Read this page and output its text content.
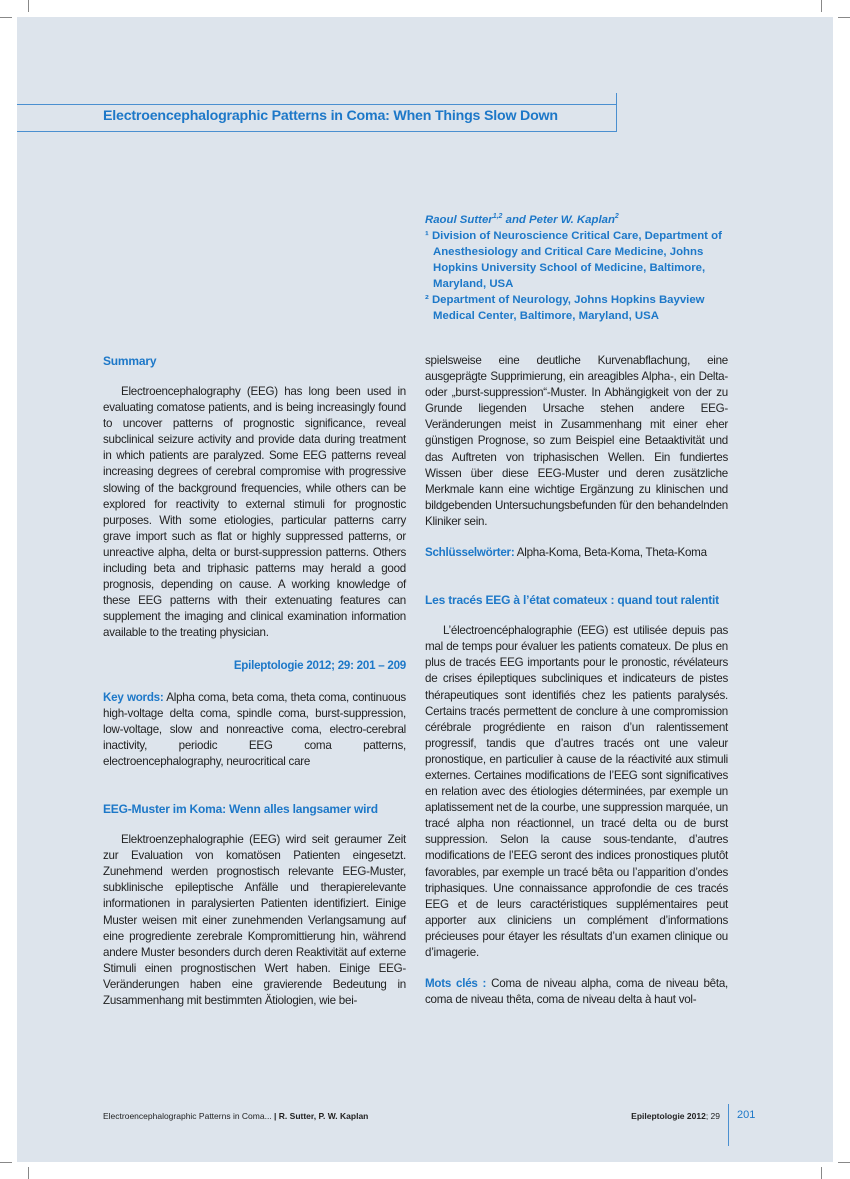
Electroencephalographic Patterns in Coma: When Things Slow Down
Raoul Sutter$^{1,2}$ and Peter W. Kaplan$^2$
¹ Division of Neuroscience Critical Care, Department of Anesthesiology and Critical Care Medicine, Johns Hopkins University School of Medicine, Baltimore, Maryland, USA
² Department of Neurology, Johns Hopkins Bayview Medical Center, Baltimore, Maryland, USA
Summary

Electroencephalography (EEG) has long been used in evaluating comatose patients, and is being increasingly found to uncover patterns of prognostic significance, reveal subclinical seizure activity and provide data during treatment in which patients are paralyzed. Some EEG patterns reveal increasing degrees of cerebral compromise with progressive slowing of the background frequencies, while others can be explored for reactivity to external stimuli for prognostic purposes. With some etiologies, particular patterns carry grave import such as flat or highly suppressed patterns, or unreactive alpha, delta or burst-suppression patterns. Others including beta and triphasic patterns may herald a good prognosis, depending on cause. A working knowledge of these EEG patterns with their extenuating features can supplement the imaging and clinical examination information available to the treating physician.

Epileptologie 2012; 29: 201 – 209

Key words: Alpha coma, beta coma, theta coma, continuous high-voltage delta coma, spindle coma, burst-suppression, low-voltage, slow and nonreactive coma, electro-cerebral inactivity, periodic EEG coma patterns, electroencephalography, neurocritical care

EEG-Muster im Koma: Wenn alles langsamer wird

Elektroenzephalographie (EEG) wird seit geraumer Zeit zur Evaluation von komatösen Patienten eingesetzt. Zunehmend werden prognostisch relevante EEG-Muster, subklinische epileptische Anfälle und therapierelevante informationen in paralysierten Patienten identifiziert. Einige Muster weisen mit einer zunehmenden Verlangsamung auf eine progrediente zerebrale Kompromittierung hin, während andere Muster besonders durch deren Reaktivität auf externe Stimuli einen prognostischen Wert haben. Einige EEG-Veränderungen haben eine gravierende Bedeutung in Zusammenhang mit bestimmten Ätiologien, wie bei-

spielsweise eine deutliche Kurvenabflachung, eine ausgeprägte Supprimierung, ein areagibles Alpha-, ein Delta- oder „burst-suppression“-Muster. In Abhängigkeit von der zu Grunde liegenden Ursache stehen andere EEG-Veränderungen meist in Zusammenhang mit einer eher günstigen Prognose, so zum Beispiel eine Betaaktivität und das Auftreten von triphasischen Wellen. Ein fundiertes Wissen über diese EEG-Muster und deren zusätzliche Merkmale kann eine wichtige Ergänzung zu klinischen und bildgebenden Untersuchungsbefunden für den behandelnden Kliniker sein.

Schlüsselwörter: Alpha-Koma, Beta-Koma, Theta-Koma

Les tracés EEG à l’état comateux : quand tout ralentit

L’électroencéphalographie (EEG) est utilisée depuis pas mal de temps pour évaluer les patients comateux. De plus en plus de tracés EEG importants pour le pronostic, révélateurs de crises épileptiques subcliniques et indicateurs de pistes thérapeutiques sont identifiés chez les patients paralysés. Certains tracés permettent de conclure à une compromission cérébrale progrédiente en raison d’un ralentissement progressif, tandis que d’autres tracés ont une valeur pronostique, en particulier à cause de la réactivité aux stimuli externes. Certaines modifications de l’EEG sont significatives en relation avec des étiologies déterminées, par exemple un aplatissement net de la courbe, une suppression marquée, un tracé alpha non réactionnel, un tracé delta ou de burst suppression. Selon la cause sous-tendante, d’autres modifications de l’EEG seront des indices pronostiques plutôt favorables, par exemple un tracé bêta ou l’apparition d’ondes triphasiques. Une connaissance approfondie de ces tracés EEG et de leurs caractéristiques supplémentaires peut apporter aux cliniciens un complément d’informations précieuses pour étayer les résultats d’un examen clinique ou d’imagerie.

Mots clés : Coma de niveau alpha, coma de niveau bêta, coma de niveau thêta, coma de niveau delta à haut vol-

Electroencephalographic Patterns in Coma... | R. Sutter, P. W. Kaplan	Epileptologie 2012; 29 201
